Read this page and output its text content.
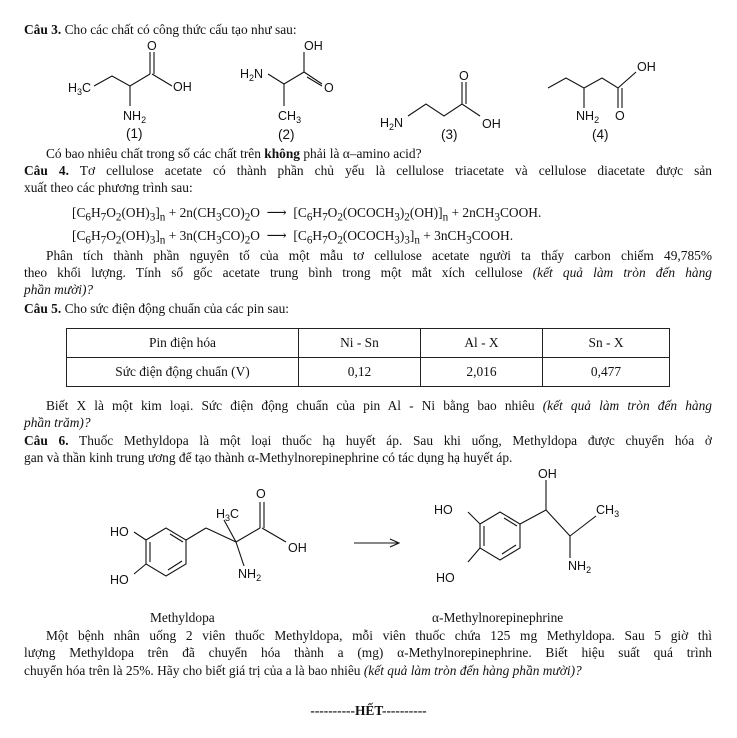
Câu 3. Cho các chất có công thức cấu tạo như sau:
O
OH
$H_3C$
$NH_2$
(1)
OH
O
$H_2N$
$CH_3$
(2)
O
OH
$H_2N$
(3)
OH
O
$NH_2$
(4)
Có bao nhiêu chất trong số các chất trên không phải là α–amino acid?
Câu 4. Tơ cellulose acetate có thành phần chủ yếu là cellulose triacetate và cellulose diacetate được sản
xuất theo các phương trình sau:
$[C_6H_7O_2(OH)_3]_n + 2n(CH_3CO)_2O$  ⟶  $[C_6H_7O_2(OCOCH_3)_2(OH)]_n$ + 2nCH$_3$COOH.
$[C_6H_7O_2(OH)_3]_n + 3n(CH_3CO)_2O$  ⟶  $[C_6H_7O_2(OCOCH_3)_3]_n$ + 3nCH$_3$COOH.
Phân tích thành phần nguyên tố của một mẫu tơ cellulose acetate người ta thấy carbon chiếm 49,785%
theo khối lượng. Tính số gốc acetate trung bình trong một mắt xích cellulose (kết quả làm tròn đến hàng
phần mười)?
Câu 5. Cho sức điện động chuẩn của các pin sau:
Pin điện hóa	Ni - Sn	Al - X	Sn - X
Sức điện động chuẩn (V)	0,12	2,016	0,477
Biết X là một kim loại. Sức điện động chuẩn của pin Al - Ni bằng bao nhiêu (kết quả làm tròn đến hàng
phần trăm)?
Câu 6. Thuốc Methyldopa là một loại thuốc hạ huyết áp. Sau khi uống, Methyldopa được chuyển hóa ở
gan và thần kinh trung ương để tạo thành α-Methylnorepinephrine có tác dụng hạ huyết áp.
O
OH
HO
HO
$H_3C$
$NH_2$
OH
$CH_3$
$NH_2$
HO
HO
Methyldopa	α-Methylnorepinephrine
Một bệnh nhân uống 2 viên thuốc Methyldopa, mỗi viên thuốc chứa 125 mg Methyldopa. Sau 5 giờ thì
lượng Methyldopa trên đã chuyển hóa thành a (mg) α-Methylnorepinephrine. Biết hiệu suất quá trình
chuyển hóa trên là 25%. Hãy cho biết giá trị của a là bao nhiêu (kết quả làm tròn đến hàng phần mười)?
----------HẾT----------
